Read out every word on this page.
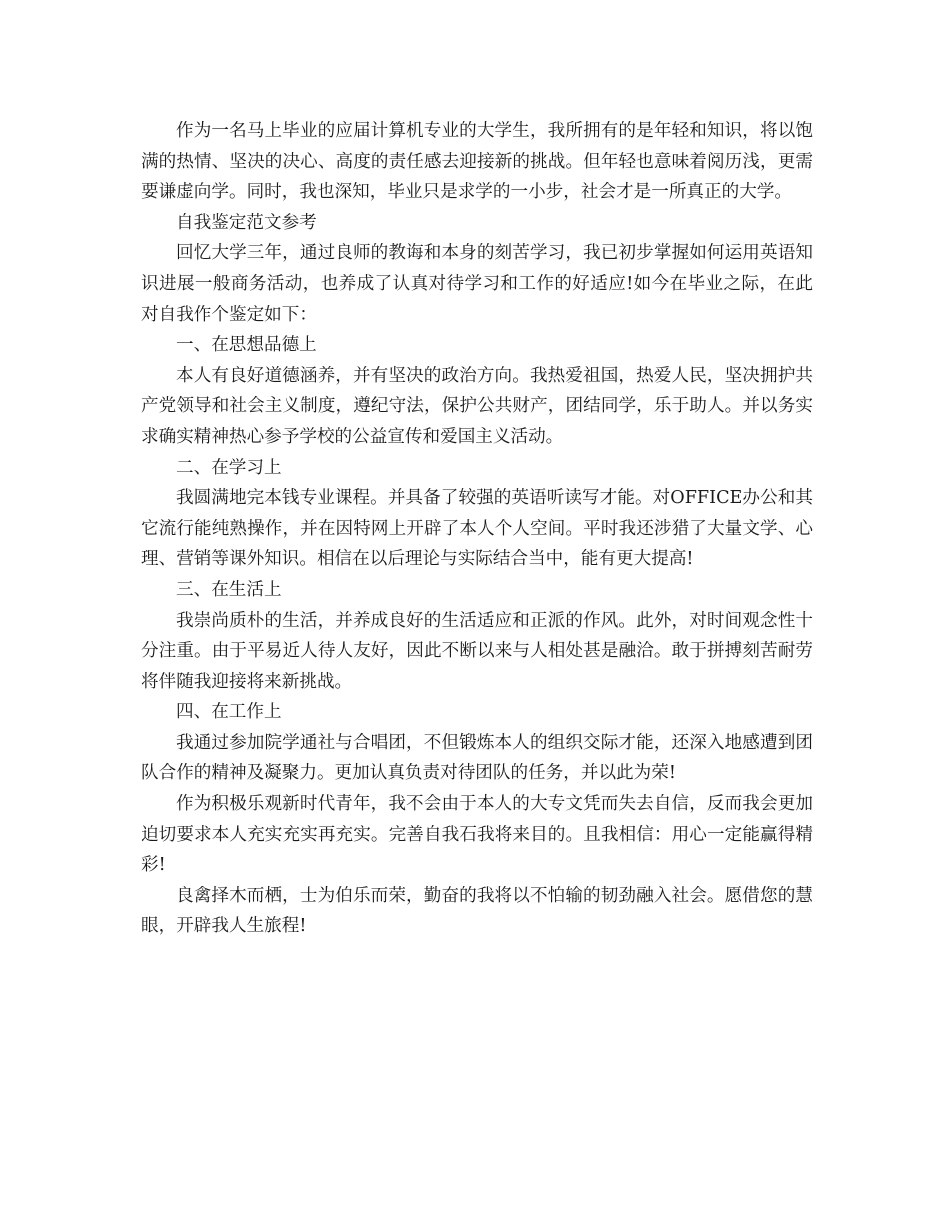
作为一名马上毕业的应届计算机专业的大学生，我所拥有的是年轻和知识，将以饱满的热情、坚决的决心、高度的责任感去迎接新的挑战。但年轻也意味着阅历浅，更需要谦虚向学。同时，我也深知，毕业只是求学的一小步，社会才是一所真正的大学。

自我鉴定范文参考

回忆大学三年，通过良师的教诲和本身的刻苦学习，我已初步掌握如何运用英语知识进展一般商务活动，也养成了认真对待学习和工作的好适应!如今在毕业之际，在此对自我作个鉴定如下：

一、在思想品德上

本人有良好道德涵养，并有坚决的政治方向。我热爱祖国，热爱人民，坚决拥护共产党领导和社会主义制度，遵纪守法，保护公共财产，团结同学，乐于助人。并以务实求确实精神热心参予学校的公益宣传和爱国主义活动。

二、在学习上

我圆满地完本钱专业课程。并具备了较强的英语听读写才能。对OFFICE办公和其它流行能纯熟操作，并在因特网上开辟了本人个人空间。平时我还涉猎了大量文学、心理、营销等课外知识。相信在以后理论与实际结合当中，能有更大提高!

三、在生活上

我崇尚质朴的生活，并养成良好的生活适应和正派的作风。此外，对时间观念性十分注重。由于平易近人待人友好，因此不断以来与人相处甚是融洽。敢于拼搏刻苦耐劳将伴随我迎接将来新挑战。

四、在工作上

我通过参加院学通社与合唱团，不但锻炼本人的组织交际才能，还深入地感遭到团队合作的精神及凝聚力。更加认真负责对待团队的任务，并以此为荣!

作为积极乐观新时代青年，我不会由于本人的大专文凭而失去自信，反而我会更加迫切要求本人充实充实再充实。完善自我石我将来目的。且我相信：用心一定能赢得精彩!

良禽择木而栖，士为伯乐而荣，勤奋的我将以不怕输的韧劲融入社会。愿借您的慧眼，开辟我人生旅程!
